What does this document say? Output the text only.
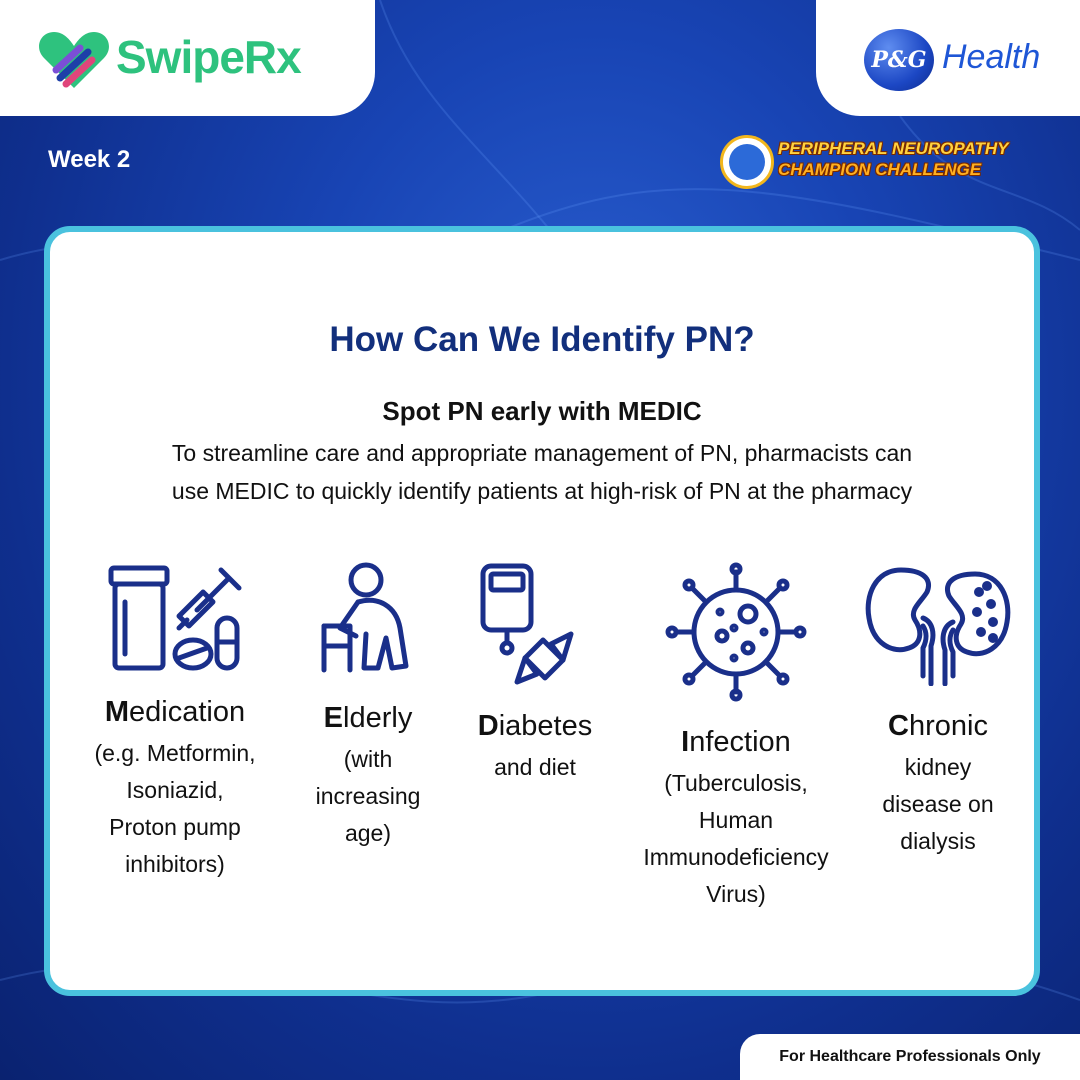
SwipeRx	P&G Health
Week 2	PERIPHERAL NEUROPATHY
CHAMPION CHALLENGE
How Can We Identify PN?
Spot PN early with MEDIC
To streamline care and appropriate management of PN, pharmacists can
use MEDIC to quickly identify patients at high-risk of PN at the pharmacy
Medication
(e.g. Metformin,
Isoniazid,
Proton pump
inhibitors)
Elderly
(with
increasing
age)
Diabetes
and diet
Infection
(Tuberculosis,
Human
Immunodeficiency
Virus)
Chronic
kidney
disease on
dialysis
For Healthcare Professionals Only
